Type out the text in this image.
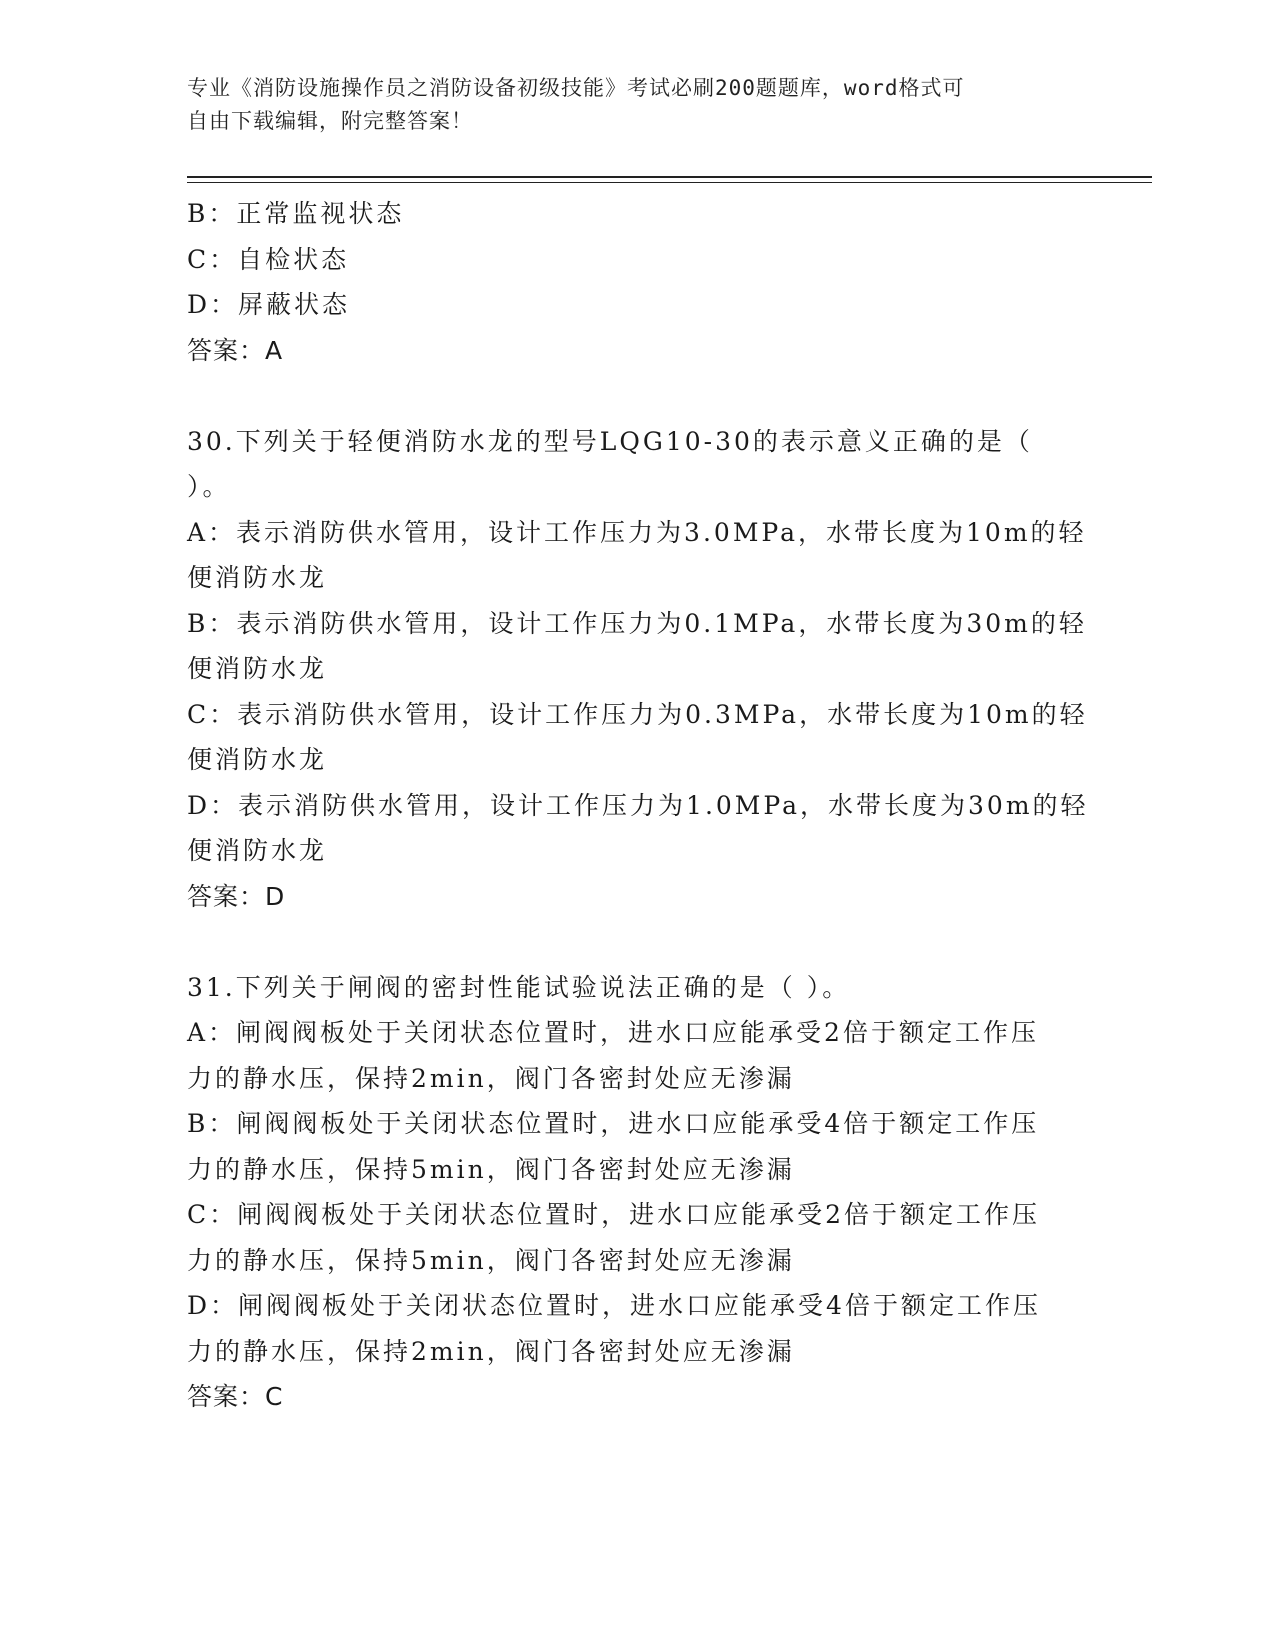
专业《消防设施操作员之消防设备初级技能》考试必刷200题题库，word格式可
自由下载编辑，附完整答案！
B：正常监视状态
C：自检状态
D：屏蔽状态
答案：A
30.下列关于轻便消防水龙的型号LQG10-30的表示意义正确的是（
）。
A：表示消防供水管用，设计工作压力为3.0MPa，水带长度为10m的轻
便消防水龙
B：表示消防供水管用，设计工作压力为0.1MPa，水带长度为30m的轻
便消防水龙
C：表示消防供水管用，设计工作压力为0.3MPa，水带长度为10m的轻
便消防水龙
D：表示消防供水管用，设计工作压力为1.0MPa，水带长度为30m的轻
便消防水龙
答案：D
31.下列关于闸阀的密封性能试验说法正确的是（ ）。
A：闸阀阀板处于关闭状态位置时，进水口应能承受2倍于额定工作压
力的静水压，保持2min，阀门各密封处应无渗漏
B：闸阀阀板处于关闭状态位置时，进水口应能承受4倍于额定工作压
力的静水压，保持5min，阀门各密封处应无渗漏
C：闸阀阀板处于关闭状态位置时，进水口应能承受2倍于额定工作压
力的静水压，保持5min，阀门各密封处应无渗漏
D：闸阀阀板处于关闭状态位置时，进水口应能承受4倍于额定工作压
力的静水压，保持2min，阀门各密封处应无渗漏
答案：C
